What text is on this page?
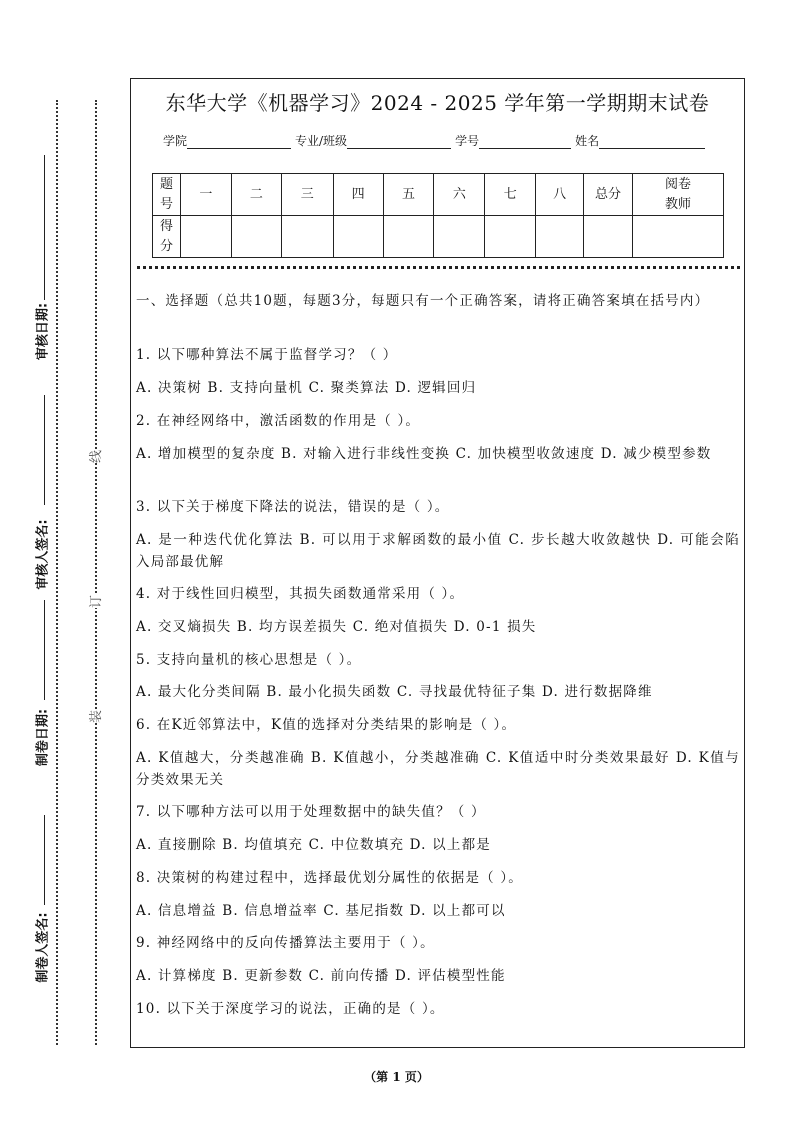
审核日期:
审核人签名:
制卷日期:
制卷人签名:
线
订
装
东华大学《机器学习》2024 - 2025 学年第一学期期末试卷
学院	专业/班级	学号	姓名
题号	一	二	三	四	五	六	七	八	总分	阅卷教师
得分										
一、选择题（总共10题，每题3分，每题只有一个正确答案，请将正确答案填在括号内）
1. 以下哪种算法不属于监督学习？（ ）
A. 决策树 B. 支持向量机 C. 聚类算法 D. 逻辑回归
2. 在神经网络中，激活函数的作用是（ ）。
A. 增加模型的复杂度 B. 对输入进行非线性变换 C. 加快模型收敛速度 D. 减少模型参数
3. 以下关于梯度下降法的说法，错误的是（ ）。
A. 是一种迭代优化算法 B. 可以用于求解函数的最小值 C. 步长越大收敛越快 D. 可能会陷入局部最优解
4. 对于线性回归模型，其损失函数通常采用（ ）。
A. 交叉熵损失 B. 均方误差损失 C. 绝对值损失 D. 0-1 损失
5. 支持向量机的核心思想是（ ）。
A. 最大化分类间隔 B. 最小化损失函数 C. 寻找最优特征子集 D. 进行数据降维
6. 在K近邻算法中，K值的选择对分类结果的影响是（ ）。
A. K值越大，分类越准确 B. K值越小，分类越准确 C. K值适中时分类效果最好 D. K值与分类效果无关
7. 以下哪种方法可以用于处理数据中的缺失值？（ ）
A. 直接删除 B. 均值填充 C. 中位数填充 D. 以上都是
8. 决策树的构建过程中，选择最优划分属性的依据是（ ）。
A. 信息增益 B. 信息增益率 C. 基尼指数 D. 以上都可以
9. 神经网络中的反向传播算法主要用于（ ）。
A. 计算梯度 B. 更新参数 C. 前向传播 D. 评估模型性能
10. 以下关于深度学习的说法，正确的是（ ）。
（第 1 页）
